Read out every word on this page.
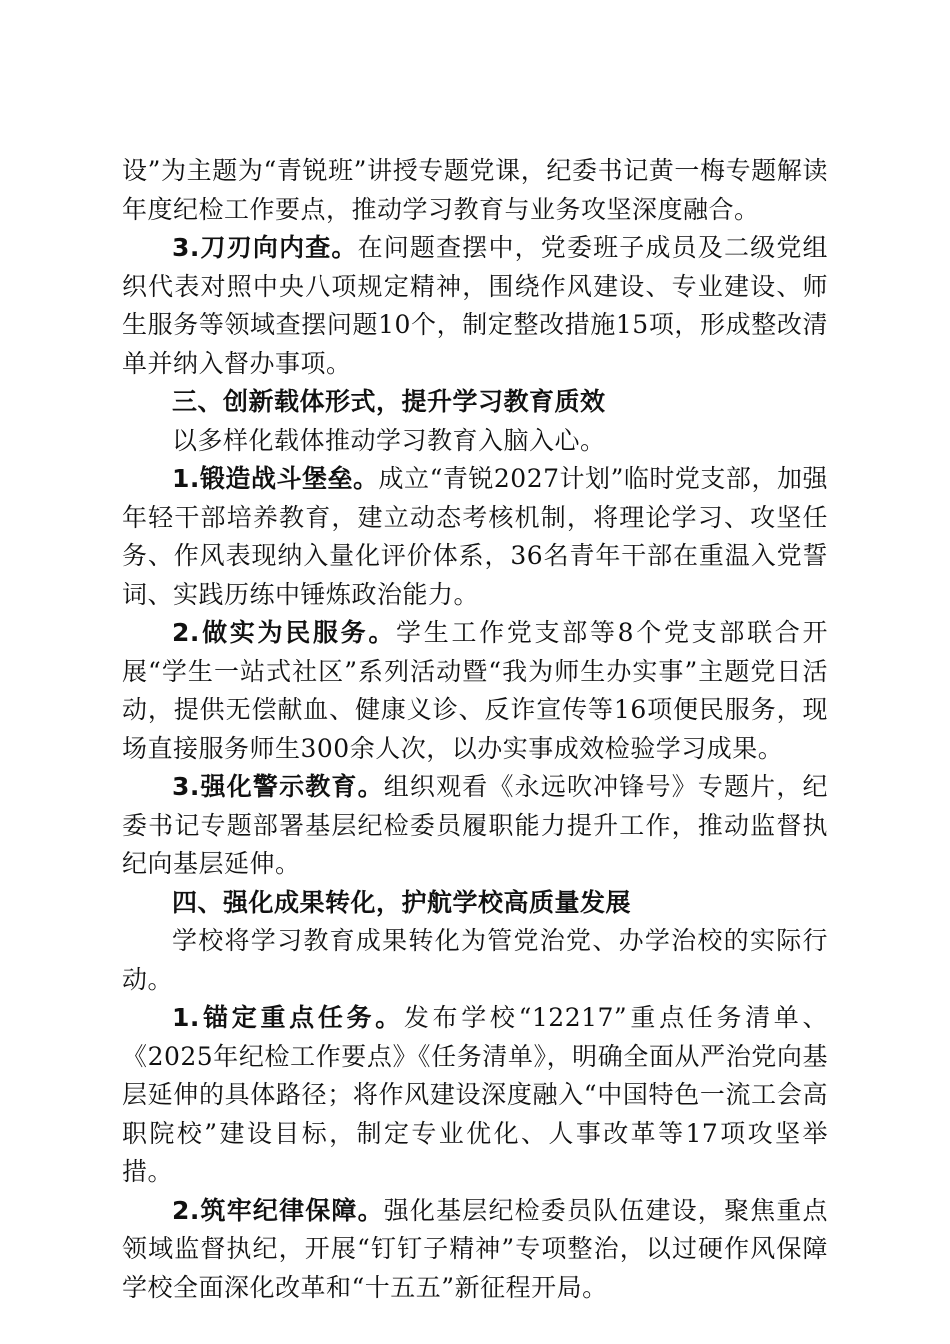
设”为主题为“青锐班”讲授专题党课，纪委书记黄一梅专题解读年度纪检工作要点，推动学习教育与业务攻坚深度融合。

3.刀刃向内查。在问题查摆中，党委班子成员及二级党组织代表对照中央八项规定精神，围绕作风建设、专业建设、师生服务等领域查摆问题10个，制定整改措施15项，形成整改清单并纳入督办事项。

三、创新载体形式，提升学习教育质效

以多样化载体推动学习教育入脑入心。

1.锻造战斗堡垒。成立“青锐2027计划”临时党支部，加强年轻干部培养教育，建立动态考核机制，将理论学习、攻坚任务、作风表现纳入量化评价体系，36名青年干部在重温入党誓词、实践历练中锤炼政治能力。

2.做实为民服务。学生工作党支部等8个党支部联合开展“学生一站式社区”系列活动暨“我为师生办实事”主题党日活动，提供无偿献血、健康义诊、反诈宣传等16项便民服务，现场直接服务师生300余人次，以办实事成效检验学习成果。

3.强化警示教育。组织观看《永远吹冲锋号》专题片，纪委书记专题部署基层纪检委员履职能力提升工作，推动监督执纪向基层延伸。

四、强化成果转化，护航学校高质量发展

学校将学习教育成果转化为管党治党、办学治校的实际行动。

1.锚定重点任务。发布学校“12217”重点任务清单、《2025年纪检工作要点》《任务清单》，明确全面从严治党向基层延伸的具体路径；将作风建设深度融入“中国特色一流工会高职院校”建设目标，制定专业优化、人事改革等17项攻坚举措。

2.筑牢纪律保障。强化基层纪检委员队伍建设，聚焦重点领域监督执纪，开展“钉钉子精神”专项整治，以过硬作风保障学校全面深化改革和“十五五”新征程开局。
